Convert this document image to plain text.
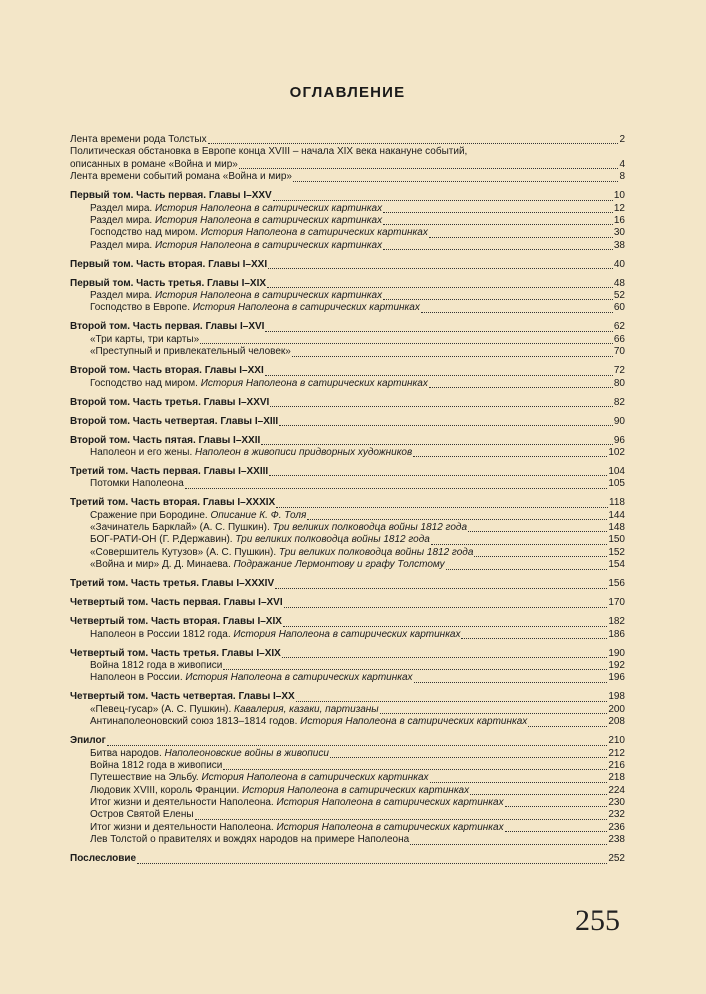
ОГЛАВЛЕНИЕ
Лента времени рода Толстых	2
Политическая обстановка в Европе конца XVIII – начала XIX века накануне событий,
описанных в романе «Война и мир»	4
Лента времени событий романа «Война и мир»	8
Первый том. Часть первая. Главы I–XXV	10
Раздел мира. История Наполеона в сатирических картинках	12
Раздел мира. История Наполеона в сатирических картинках	16
Господство над миром. История Наполеона в сатирических картинках	30
Раздел мира. История Наполеона в сатирических картинках	38
Первый том. Часть вторая. Главы I–XXI	40
Первый том. Часть третья. Главы I–XIX	48
Раздел мира. История Наполеона в сатирических картинках	52
Господство в Европе. История Наполеона в сатирических картинках	60
Второй том. Часть первая. Главы I–XVI	62
«Три карты, три карты»	66
«Преступный и привлекательный человек»	70
Второй том. Часть вторая. Главы I–XXI	72
Господство над миром. История Наполеона в сатирических картинках	80
Второй том. Часть третья. Главы I–XXVI	82
Второй том. Часть четвертая. Главы I–XIII	90
Второй том. Часть пятая. Главы I–XXII	96
Наполеон и его жены. Наполеон в живописи придворных художников	102
Третий том. Часть первая. Главы I–XXIII	104
Потомки Наполеона	105
Третий том. Часть вторая. Главы I–XXXIX	118
Сражение при Бородине. Описание К. Ф. Толя	144
«Зачинатель Барклай» (А. С. Пушкин). Три великих полководца войны 1812 года	148
БОГ-РАТИ-ОН (Г. Р.Державин). Три великих полководца войны 1812 года	150
«Совершитель Кутузов» (А. С. Пушкин). Три великих полководца войны 1812 года	152
«Война и мир» Д. Д. Минаева. Подражание Лермонтову и графу Толстому	154
Третий том. Часть третья. Главы I–XXXIV	156
Четвертый том. Часть первая. Главы I–XVI	170
Четвертый том. Часть вторая. Главы I–XIX	182
Наполеон в России 1812 года. История Наполеона в сатирических картинках	186
Четвертый том. Часть третья. Главы I–XIX	190
Война 1812 года в живописи	192
Наполеон в России. История Наполеона в сатирических картинках	196
Четвертый том. Часть четвертая. Главы I–XX	198
«Певец-гусар» (А. С. Пушкин). Кавалерия, казаки, партизаны	200
Антинаполеоновский союз 1813–1814 годов. История Наполеона в сатирических картинках	208
Эпилог	210
Битва народов. Наполеоновские войны в живописи	212
Война 1812 года в живописи	216
Путешествие на Эльбу. История Наполеона в сатирических картинках	218
Людовик XVIII, король Франции. История Наполеона в сатирических картинках	224
Итог жизни и деятельности Наполеона. История Наполеона в сатирических картинках	230
Остров Святой Елены	232
Итог жизни и деятельности Наполеона. История Наполеона в сатирических картинках	236
Лев Толстой о правителях и вождях народов на примере Наполеона	238
Послесловие	252
255
